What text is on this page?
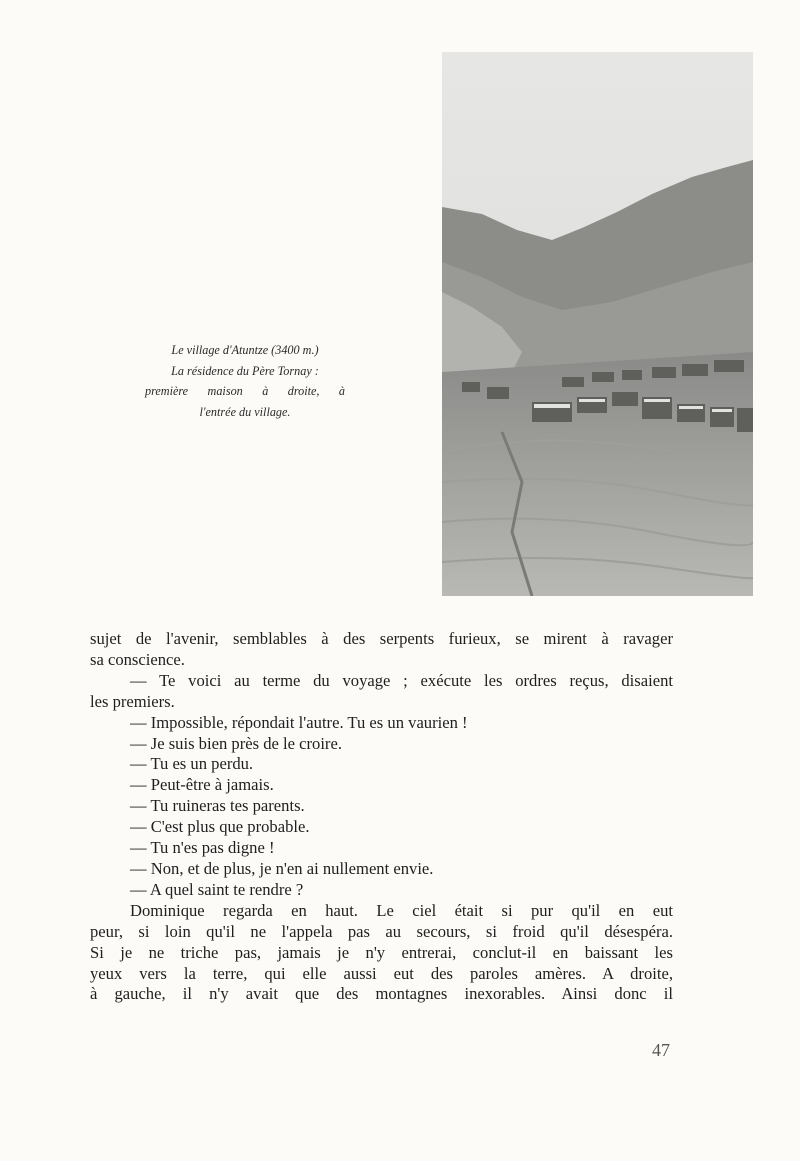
Le village d'Atuntze (3400 m.)
La résidence du Père Tornay :
première maison à droite, à
l'entrée du village.

sujet de l'avenir, semblables à des serpents furieux, se mirent à ravager

sa conscience.

— Te voici au terme du voyage ; exécute les ordres reçus, disaient

les premiers.

— Impossible, répondait l'autre. Tu es un vaurien !

— Je suis bien près de le croire.

— Tu es un perdu.

— Peut-être à jamais.

— Tu ruineras tes parents.

— C'est plus que probable.

— Tu n'es pas digne !

— Non, et de plus, je n'en ai nullement envie.

— A quel saint te rendre ?

Dominique regarda en haut. Le ciel était si pur qu'il en eut

peur, si loin qu'il ne l'appela pas au secours, si froid qu'il désespéra.

Si je ne triche pas, jamais je n'y entrerai, conclut-il en baissant les

yeux vers la terre, qui elle aussi eut des paroles amères. A droite,

à gauche, il n'y avait que des montagnes inexorables. Ainsi donc il

47
